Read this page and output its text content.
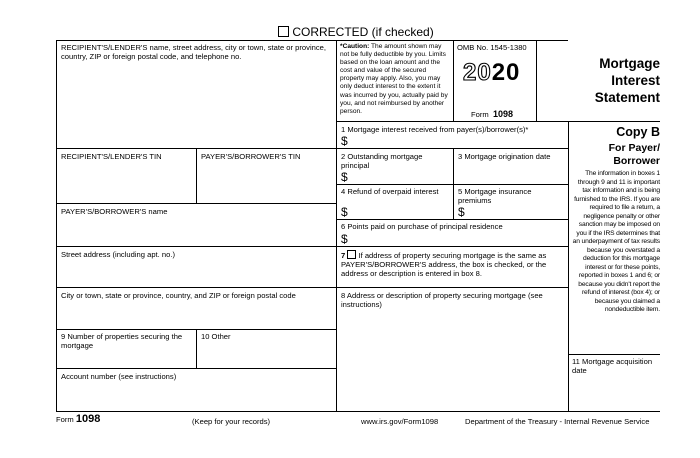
CORRECTED (if checked)
RECIPIENT'S/LENDER'S name, street address, city or town, state or province, country, ZIP or foreign postal code, and telephone no.
*Caution: The amount shown may not be fully deductible by you. Limits based on the loan amount and the cost and value of the secured property may apply. Also, you may only deduct interest to the extent it was incurred by you, actually paid by you, and not reimbursed by another person.
OMB No. 1545-1380
2020
Form 1098
Mortgage
Interest
Statement
1 Mortgage interest received from payer(s)/borrower(s)*
$
RECIPIENT'S/LENDER'S TIN	PAYER'S/BORROWER'S TIN
PAYER'S/BORROWER'S name
Street address (including apt. no.)
City or town, state or province, country, and ZIP or foreign postal code
9 Number of properties securing the mortgage
10 Other
Account number (see instructions)
2 Outstanding mortgage principal
$
3 Mortgage origination date
4 Refund of overpaid interest
$
5 Mortgage insurance premiums
$
6 Points paid on purchase of principal residence
$
7 If address of property securing mortgage is the same as PAYER'S/BORROWER'S address, the box is checked, or the address or description is entered in box 8.
8 Address or description of property securing mortgage (see instructions)
Copy B
For Payer/
Borrower
The information in boxes 1 through 9 and 11 is important tax information and is being furnished to the IRS. If you are required to file a return, a negligence penalty or other sanction may be imposed on you if the IRS determines that an underpayment of tax results because you overstated a deduction for this mortgage interest or for these points, reported in boxes 1 and 6; or because you didn't report the refund of interest (box 4); or because you claimed a nondeductible item.
11 Mortgage acquisition date
Form 1098	(Keep for your records)	www.irs.gov/Form1098	Department of the Treasury - Internal Revenue Service
